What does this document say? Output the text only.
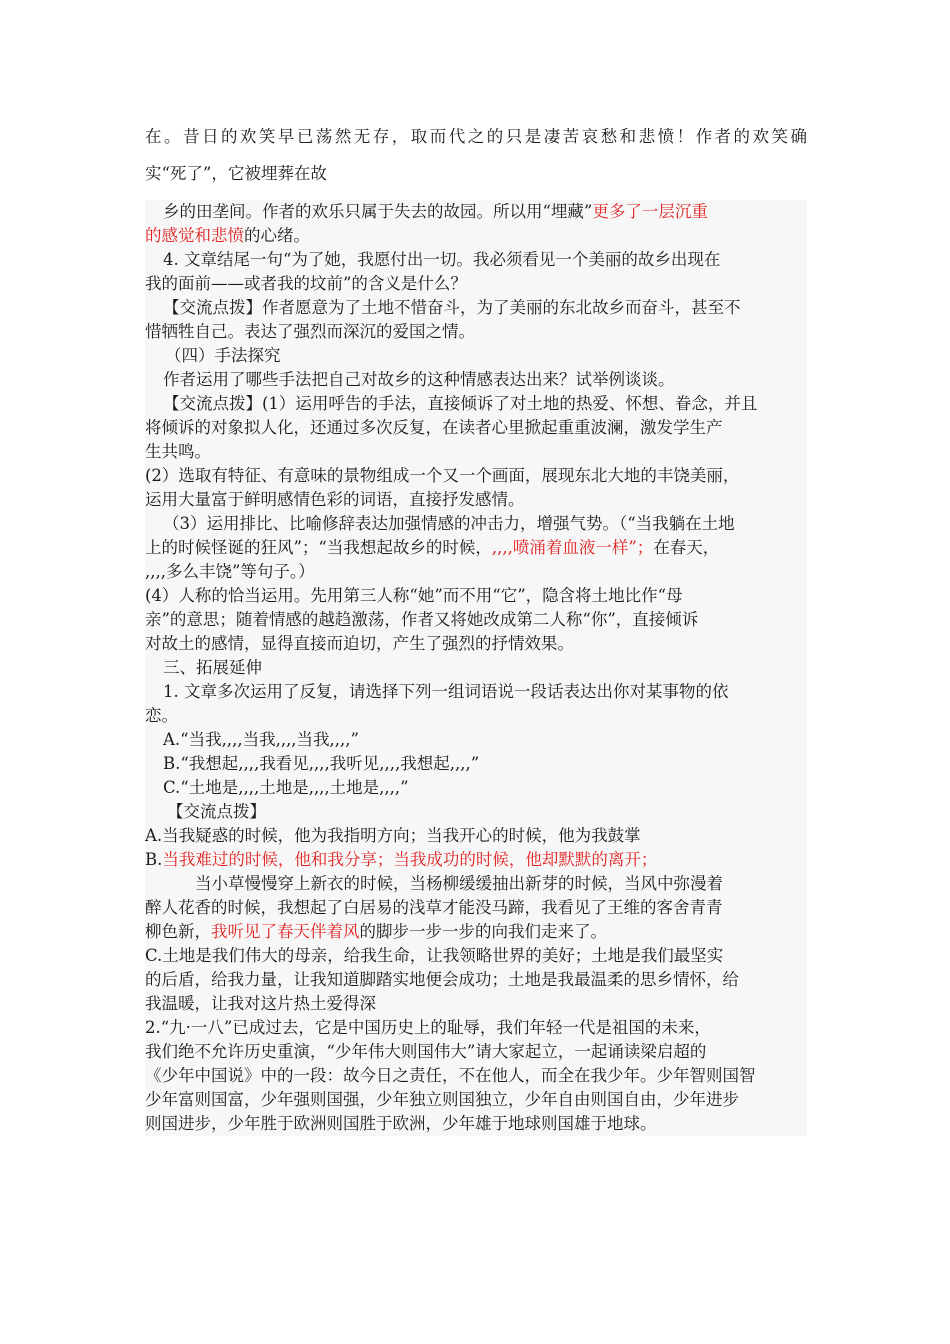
在。昔日的欢笑早已荡然无存，取而代之的只是凄苦哀愁和悲愤！作者的欢笑确
实“死了”，它被埋葬在故
乡的田垄间。作者的欢乐只属于失去的故园。所以用“埋藏”更多了一层沉重
的感觉和悲愤的心绪。
4. 文章结尾一句“为了她，我愿付出一切。我必须看见一个美丽的故乡出现在
我的面前——或者我的坟前”的含义是什么？
【交流点拨】作者愿意为了土地不惜奋斗，为了美丽的东北故乡而奋斗，甚至不
惜牺牲自己。表达了强烈而深沉的爱国之情。
（四）手法探究
作者运用了哪些手法把自己对故乡的这种情感表达出来？试举例谈谈。
【交流点拨】(1）运用呼告的手法，直接倾诉了对土地的热爱、怀想、眷念，并且
将倾诉的对象拟人化，还通过多次反复，在读者心里掀起重重波澜，激发学生产
生共鸣。
(2）选取有特征、有意味的景物组成一个又一个画面，展现东北大地的丰饶美丽，
运用大量富于鲜明感情色彩的词语，直接抒发感情。
（3）运用排比、比喻修辞表达加强情感的冲击力，增强气势。（“当我躺在土地
上的时候怪诞的狂风”；“当我想起故乡的时候，,,,,喷涌着血液一样”；在春天，
,,,,多么丰饶”等句子。）
(4）人称的恰当运用。先用第三人称“她”而不用“它”，隐含将土地比作“母
亲”的意思；随着情感的越趋激荡，作者又将她改成第二人称“你”，直接倾诉
对故土的感情，显得直接而迫切，产生了强烈的抒情效果。
三、拓展延伸
1. 文章多次运用了反复，请选择下列一组词语说一段话表达出你对某事物的依
恋。
A.“当我,,,,当我,,,,当我,,,,”
B.“我想起,,,,我看见,,,,我听见,,,,我想起,,,,”
C.“土地是,,,,土地是,,,,土地是,,,,”
【交流点拨】
A.当我疑惑的时候，他为我指明方向；当我开心的时候，他为我鼓掌
B.当我难过的时候，他和我分享；当我成功的时候，他却默默的离开；
当小草慢慢穿上新衣的时候，当杨柳缓缓抽出新芽的时候，当风中弥漫着
醉人花香的时候，我想起了白居易的浅草才能没马蹄，我看见了王维的客舍青青
柳色新，我听见了春天伴着风的脚步一步一步的向我们走来了。
C.土地是我们伟大的母亲，给我生命，让我领略世界的美好；土地是我们最坚实
的后盾，给我力量，让我知道脚踏实地便会成功；土地是我最温柔的思乡情怀，给
我温暖，让我对这片热土爱得深
2.“九·一八”已成过去，它是中国历史上的耻辱，我们年轻一代是祖国的未来，
我们绝不允许历史重演，“少年伟大则国伟大”请大家起立，一起诵读梁启超的
《少年中国说》中的一段：故今日之责任，不在他人，而全在我少年。少年智则国智
少年富则国富，少年强则国强，少年独立则国独立，少年自由则国自由，少年进步
则国进步，少年胜于欧洲则国胜于欧洲，少年雄于地球则国雄于地球。
